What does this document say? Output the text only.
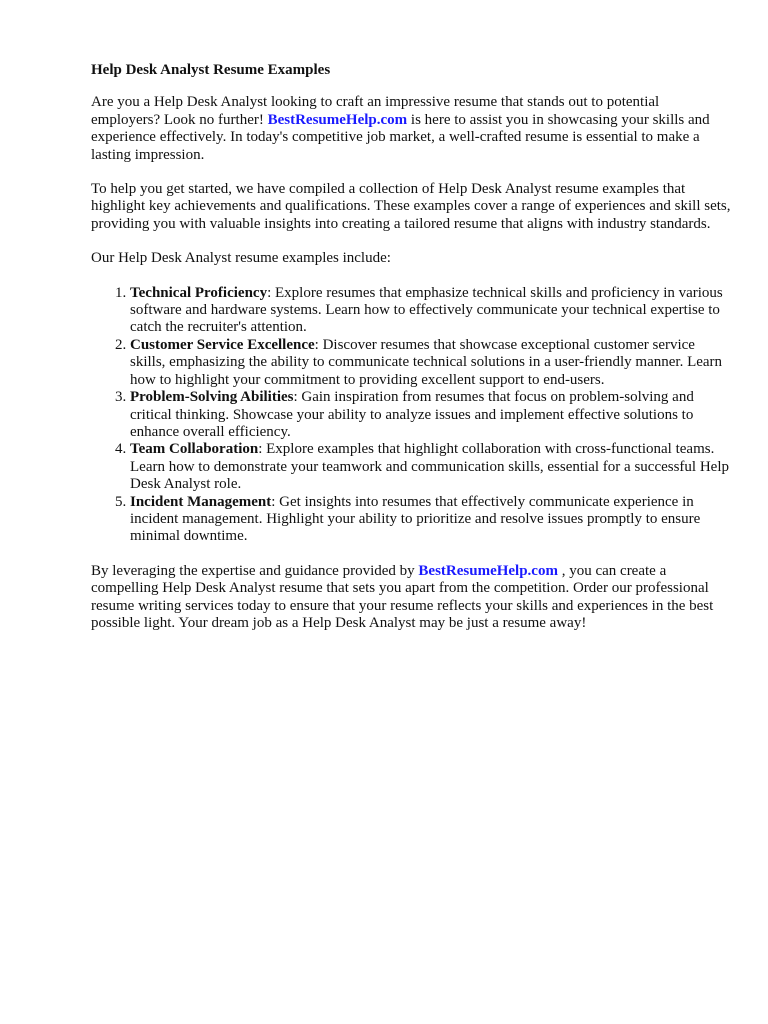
Help Desk Analyst Resume Examples

Are you a Help Desk Analyst looking to craft an impressive resume that stands out to potential employers? Look no further! BestResumeHelp.com is here to assist you in showcasing your skills and experience effectively. In today's competitive job market, a well-crafted resume is essential to make a lasting impression.

To help you get started, we have compiled a collection of Help Desk Analyst resume examples that highlight key achievements and qualifications. These examples cover a range of experiences and skill sets, providing you with valuable insights into creating a tailored resume that aligns with industry standards.

Our Help Desk Analyst resume examples include:

1. Technical Proficiency: Explore resumes that emphasize technical skills and proficiency in various software and hardware systems. Learn how to effectively communicate your technical expertise to catch the recruiter's attention.
2. Customer Service Excellence: Discover resumes that showcase exceptional customer service skills, emphasizing the ability to communicate technical solutions in a user-friendly manner. Learn how to highlight your commitment to providing excellent support to end-users.
3. Problem-Solving Abilities: Gain inspiration from resumes that focus on problem-solving and critical thinking. Showcase your ability to analyze issues and implement effective solutions to enhance overall efficiency.
4. Team Collaboration: Explore examples that highlight collaboration with cross-functional teams. Learn how to demonstrate your teamwork and communication skills, essential for a successful Help Desk Analyst role.
5. Incident Management: Get insights into resumes that effectively communicate experience in incident management. Highlight your ability to prioritize and resolve issues promptly to ensure minimal downtime.

By leveraging the expertise and guidance provided by BestResumeHelp.com , you can create a compelling Help Desk Analyst resume that sets you apart from the competition. Order our professional resume writing services today to ensure that your resume reflects your skills and experiences in the best possible light. Your dream job as a Help Desk Analyst may be just a resume away!
